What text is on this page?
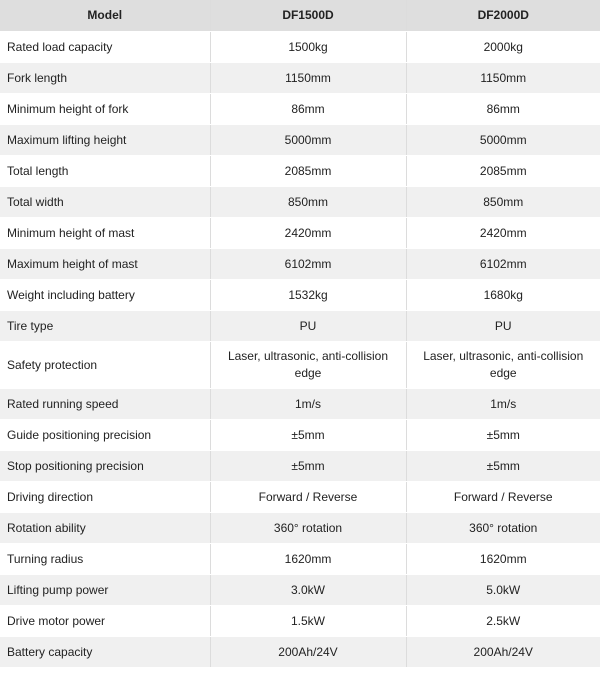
Model	DF1500D	DF2000D
Rated load capacity	1500kg	2000kg
Fork length	1150mm	1150mm
Minimum height of fork	86mm	86mm
Maximum lifting height	5000mm	5000mm
Total length	2085mm	2085mm
Total width	850mm	850mm
Minimum height of mast	2420mm	2420mm
Maximum height of mast	6102mm	6102mm
Weight including battery	1532kg	1680kg
Tire type	PU	PU
Safety protection	Laser, ultrasonic, anti-collision edge	Laser, ultrasonic, anti-collision edge
Rated running speed	1m/s	1m/s
Guide positioning precision	±5mm	±5mm
Stop positioning precision	±5mm	±5mm
Driving direction	Forward / Reverse	Forward / Reverse
Rotation ability	360° rotation	360° rotation
Turning radius	1620mm	1620mm
Lifting pump power	3.0kW	5.0kW
Drive motor power	1.5kW	2.5kW
Battery capacity	200Ah/24V	200Ah/24V
